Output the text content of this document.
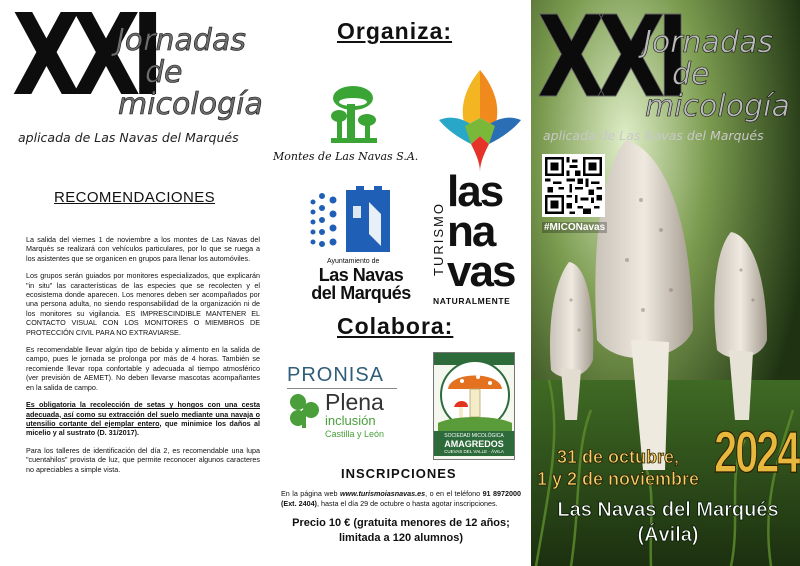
XXI
Jornadas
de
micología
aplicada de Las Navas del Marqués
RECOMENDACIONES

La salida del viernes 1 de noviembre a los montes de Las Navas del Marqués se realizará con vehículos particulares, por lo que se ruega a los asistentes que se organicen en grupos para llenar los automóviles.

Los grupos serán guiados por monitores especializados, que explicarán "in situ" las características de las especies que se recolecten y el ecosistema donde aparecen. Los menores deben ser acompañados por una persona adulta, no siendo responsabilidad de la organización ni de los monitores su vigilancia. ES IMPRESCINDIBLE MANTENER EL CONTACTO VISUAL CON LOS MONITORES O MIEMBROS DE PROTECCIÓN CIVIL PARA NO EXTRAVIARSE.

Es recomendable llevar algún tipo de bebida y alimento en la salida de campo, pues le jornada se prolonga por más de 4 horas. También se recomiende llevar ropa confortable y adecuada al tiempo atmosférico (ver previsión de AEMET). No deben llevarse mascotas acompañantes en la salida de campo.

Es obligatoria la recolección de setas y hongos con una cesta adecuada, así como su extracción del suelo mediante una navaja o utensilio cortante del ejemplar entero, que minimice los daños al micelio y al sustrato (D. 31/2017).

Para los talleres de identificación del día 2, es recomendable una lupa "cuentahilos" provista de luz, que permite reconocer algunos caracteres no apreciables a simple vista.

Organiza:
Montes de Las Navas S.A.
Ayuntamiento de
Las Navas
del Marqués
TURISMO
las
na
vas
NATURALMENTE
Colabora:
PRONISA
Plena
inclusión
Castilla y León	SOCIEDAD MICOLÓGICA
AMAGREDOS
CUEVAS DEL VALLE · ÁVILA
INSCRIPCIONES
En la página web www.turismoiasnavas.es, o en el teléfono 91 8972000 (Ext. 2404), hasta el día 29 de octubre o hasta agotar inscripciones.
Precio 10 € (gratuita menores de 12 años; limitada a 120 alumnos)
XXI
Jornadas
de
micología
aplicada de Las Navas del Marqués
#MICONavas
2024
31 de octubre,
1 y 2 de noviembre
Las Navas del Marqués
(Ávila)
